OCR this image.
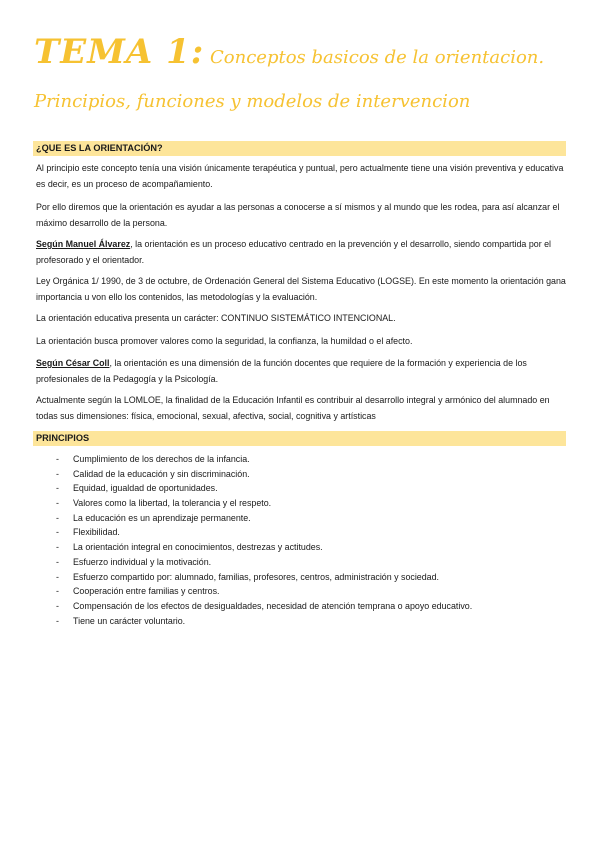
TEMA 1: Conceptos basicos de la orientacion. Principios, funciones y modelos de intervencion
¿QUE ES LA ORIENTACIÓN?
Al principio este concepto tenía una visión únicamente terapéutica y puntual, pero actualmente tiene una visión preventiva y educativa es decir, es un proceso de acompañamiento.
Por ello diremos que la orientación es ayudar a las personas a conocerse a sí mismos y al mundo que les rodea, para así alcanzar el máximo desarrollo de la persona.
Según Manuel Álvarez, la orientación es un proceso educativo centrado en la prevención y el desarrollo, siendo compartida por el profesorado y el orientador.
Ley Orgánica 1/ 1990, de 3 de octubre, de Ordenación General del Sistema Educativo (LOGSE). En este momento la orientación gana importancia u von ello los contenidos, las metodologías y la evaluación.
La orientación educativa presenta un carácter: CONTINUO SISTEMÁTICO INTENCIONAL.
La orientación busca promover valores como la seguridad, la confianza, la humildad o el afecto.
Según César Coll, la orientación es una dimensión de la función docentes que requiere de la formación y experiencia de los profesionales de la Pedagogía y la Psicología.
Actualmente según la LOMLOE, la finalidad de la Educación Infantil es contribuir al desarrollo integral y armónico del alumnado en todas sus dimensiones: física, emocional, sexual, afectiva, social, cognitiva y artísticas
PRINCIPIOS
- Cumplimiento de los derechos de la infancia.
- Calidad de la educación y sin discriminación.
- Equidad, igualdad de oportunidades.
- Valores como la libertad, la tolerancia y el respeto.
- La educación es un aprendizaje permanente.
- Flexibilidad.
- La orientación integral en conocimientos, destrezas y actitudes.
- Esfuerzo individual y la motivación.
- Esfuerzo compartido por: alumnado, familias, profesores, centros, administración y sociedad.
- Cooperación entre familias y centros.
- Compensación de los efectos de desigualdades, necesidad de atención temprana o apoyo educativo.
- Tiene un carácter voluntario.
